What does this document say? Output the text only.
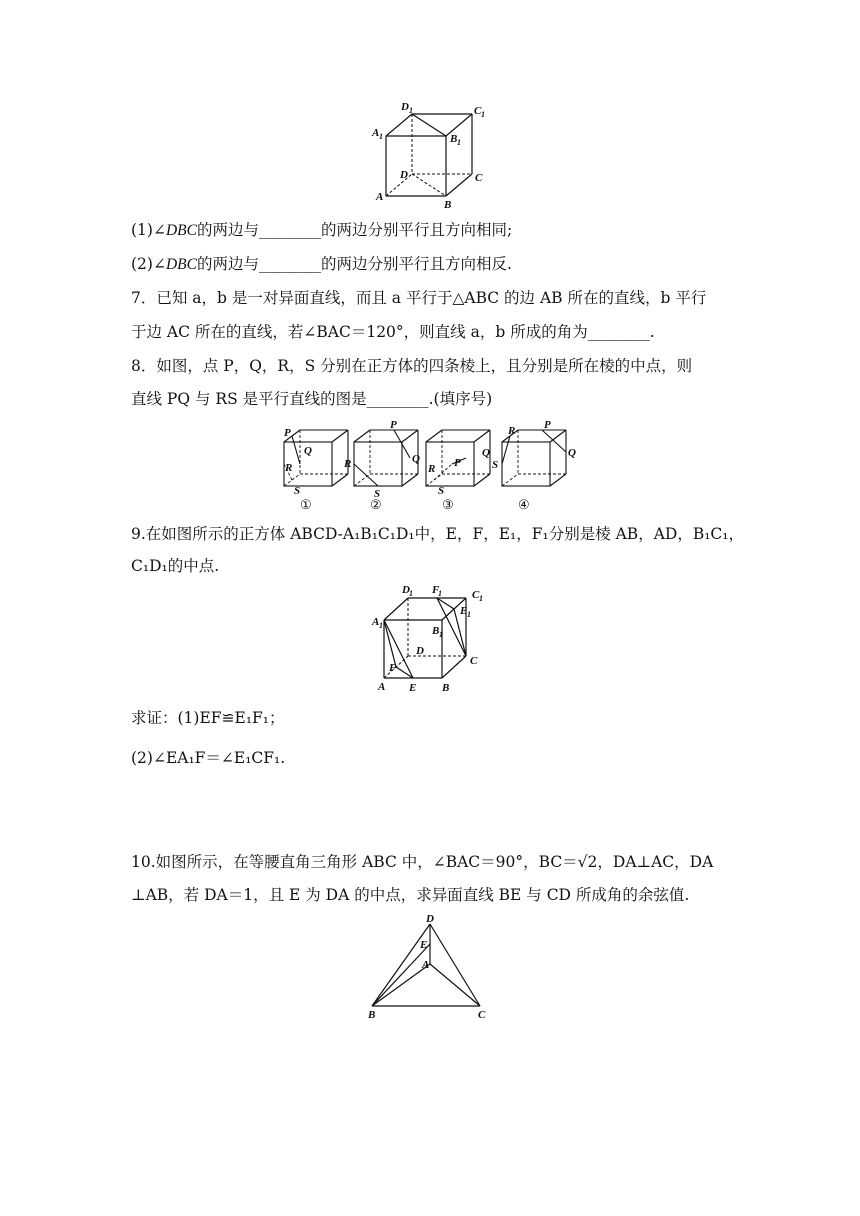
D 1	C 1
A 1	B 1
D	C
A
B
(1)∠DBC的两边与________的两边分别平行且方向相同;
(2)∠DBC的两边与________的两边分别平行且方向相反.
7．已知 a，b 是一对异面直线，而且 a 平行于△ABC 的边 AB 所在的直线，b 平行
于边 AC 所在的直线，若∠BAC＝120°，则直线 a，b 所成的角为________.
8．如图，点 P，Q，R，S 分别在正方体的四条棱上，且分别是所在棱的中点，则
直线 PQ 与 RS 是平行直线的图是________.(填序号)
P
Q
R
S
P
Q
R
S
Q
P
R
S
R	P
Q
S
①	②	③	④
9.在如图所示的正方体 ABCD-A₁B₁C₁D₁中，E，F，E₁，F₁分别是棱 AB，AD，B₁C₁，
C₁D₁的中点.
D 1 F
1	C 1
E 1
A 1	B 1
D
C
F
A E B
求证：(1)EF≌E₁F₁；
(2)∠EA₁F＝∠E₁CF₁.
10.如图所示，在等腰直角三角形 ABC 中，∠BAC＝90°，BC＝√2，DA⊥AC，DA
⊥AB，若 DA＝1，且 E 为 DA 的中点，求异面直线 BE 与 CD 所成角的余弦值.
D
E
A
B	C
